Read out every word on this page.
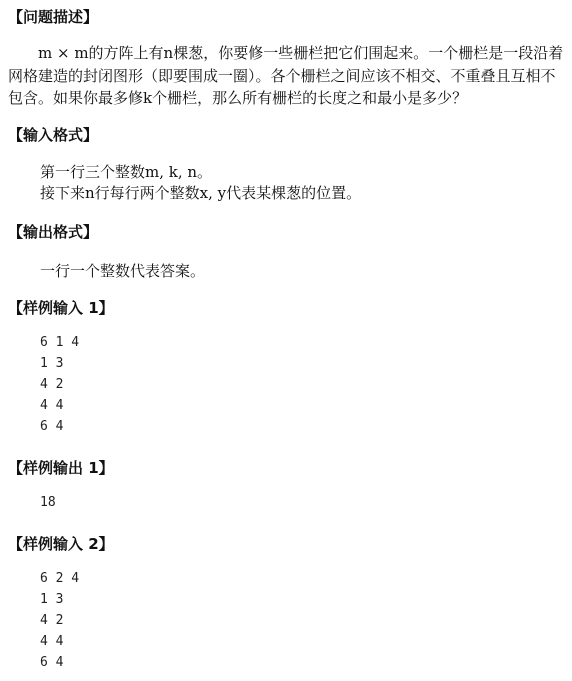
【问题描述】

m × m的方阵上有n棵葱，你要修一些栅栏把它们围起来。一个栅栏是一段沿着网格建造的封闭图形（即要围成一圈）。各个栅栏之间应该不相交、不重叠且互相不包含。如果你最多修k个栅栏，那么所有栅栏的长度之和最小是多少？

【输入格式】
第一行三个整数m, k, n。
接下来n行每行两个整数x, y代表某棵葱的位置。
【输出格式】
一行一个整数代表答案。
【样例输入 1】
6 1 4
1 3
4 2
4 4
6 4
【样例输出 1】
18
【样例输入 2】
6 2 4
1 3
4 2
4 4
6 4
